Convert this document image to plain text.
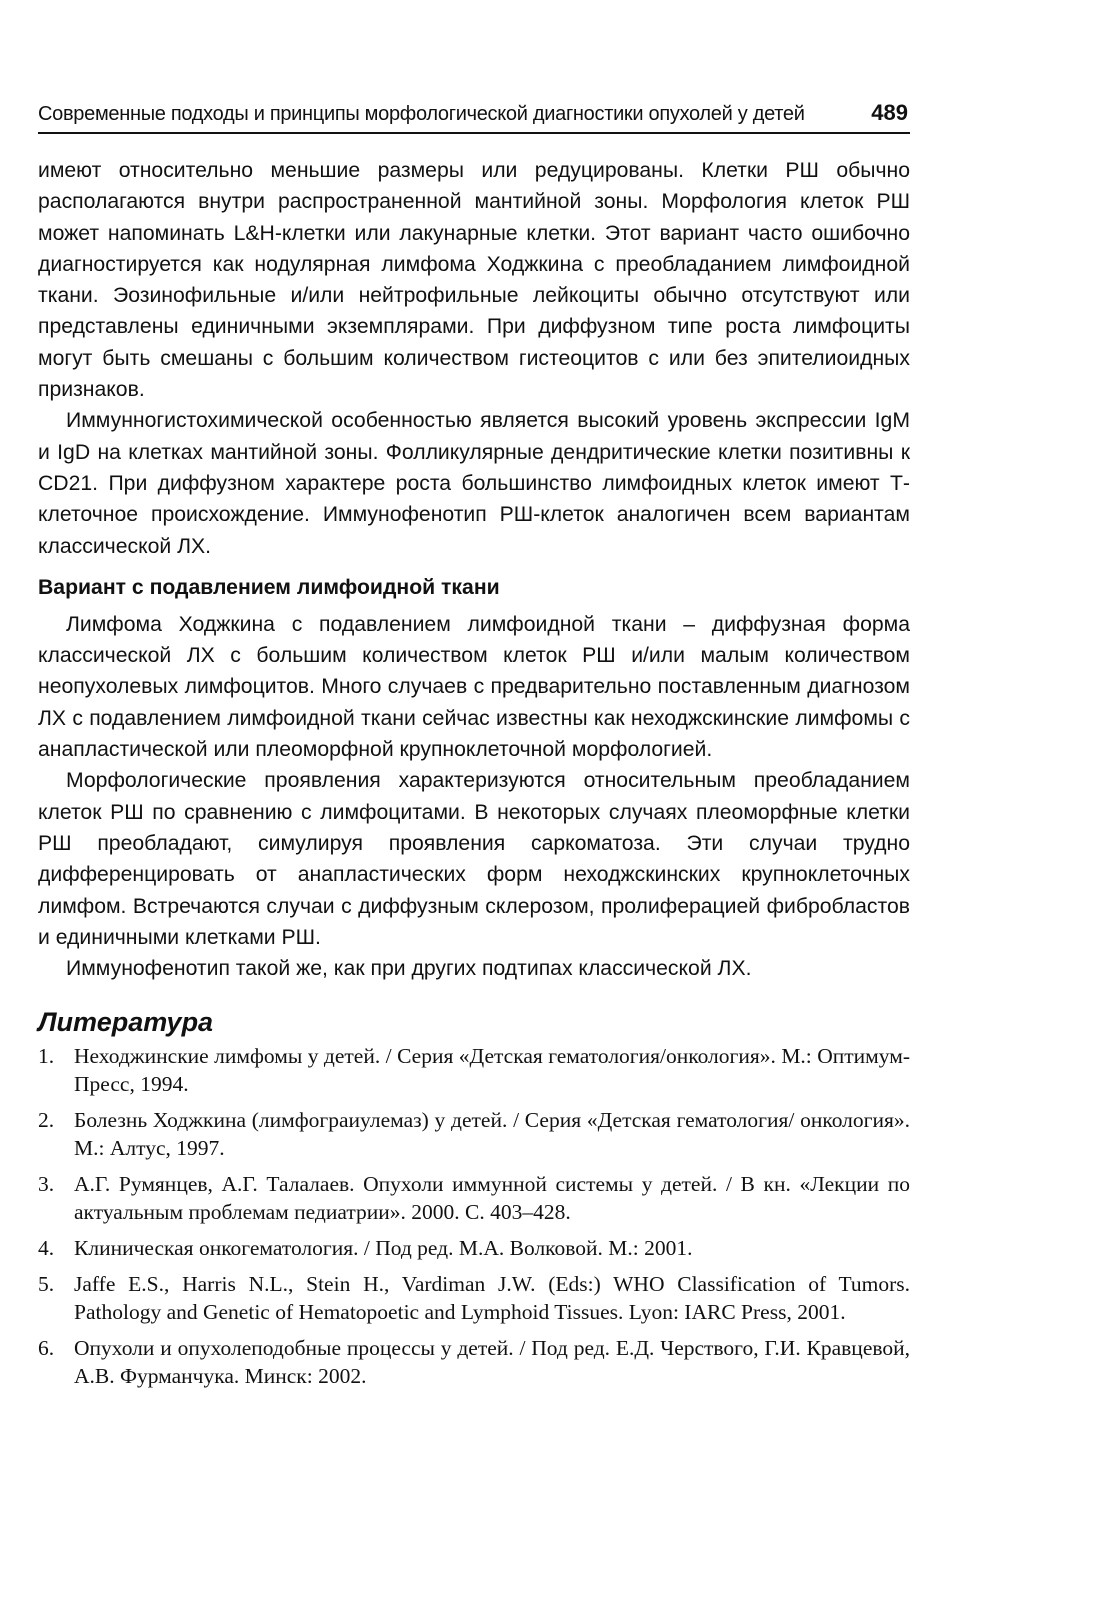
Современные подходы и принципы морфологической диагностики опухолей у детей	489

имеют относительно меньшие размеры или редуцированы. Клетки РШ обычно располагаются внутри распространенной мантийной зоны. Морфология клеток РШ может напоминать L&H-клетки или лакунарные клетки. Этот вариант часто ошибочно диагностируется как нодулярная лимфома Ходжкина с преобладанием лимфоидной ткани. Эозинофильные и/или нейтрофильные лейкоциты обычно отсутствуют или представлены единичными экземплярами. При диффузном типе роста лимфоциты могут быть смешаны с большим количеством гистеоцитов с или без эпителиоидных признаков.

Иммунногистохимической особенностью является высокий уровень экспрессии IgM и IgD на клетках мантийной зоны. Фолликулярные дендритические клетки позитивны к CD21. При диффузном характере роста большинство лимфоидных клеток имеют Т-клеточное происхождение. Иммунофенотип РШ-клеток аналогичен всем вариантам классической ЛХ.

Вариант с подавлением лимфоидной ткани

Лимфома Ходжкина с подавлением лимфоидной ткани – диффузная форма классической ЛХ с большим количеством клеток РШ и/или малым количеством неопухолевых лимфоцитов. Много случаев с предварительно поставленным диагнозом ЛХ с подавлением лимфоидной ткани сейчас известны как неходжскинские лимфомы с анапластической или плеоморфной крупноклеточной морфологией.

Морфологические проявления характеризуются относительным преобладанием клеток РШ по сравнению с лимфоцитами. В некоторых случаях плеоморфные клетки РШ преобладают, симулируя проявления саркоматоза. Эти случаи трудно дифференцировать от анапластических форм неходжскинских крупноклеточных лимфом. Встречаются случаи с диффузным склерозом, пролиферацией фибробластов и единичными клетками РШ.

Иммунофенотип такой же, как при других подтипах классической ЛХ.

Литература
1. Неходжинские лимфомы у детей. / Серия «Детская гематология/онкология». М.: Оптимум-Пресс, 1994.
2. Болезнь Ходжкина (лимфограиулемаз) у детей. / Серия «Детская гематология/ онкология». М.: Алтус, 1997.
3. А.Г. Румянцев, А.Г. Талалаев. Опухоли иммунной системы у детей. / В кн. «Лекции по актуальным проблемам педиатрии». 2000. С. 403–428.
4. Клиническая онкогематология. / Под ред. М.А. Волковой. М.: 2001.
5. Jaffe E.S., Harris N.L., Stein H., Vardiman J.W. (Eds:) WHO Classification of Tumors. Pathology and Genetic of Hematopoetic and Lymphoid Tissues. Lyon: IARC Press, 2001.
6. Опухоли и опухолеподобные процессы у детей. / Под ред. Е.Д. Черствого, Г.И. Кравцевой, А.В. Фурманчука. Минск: 2002.
